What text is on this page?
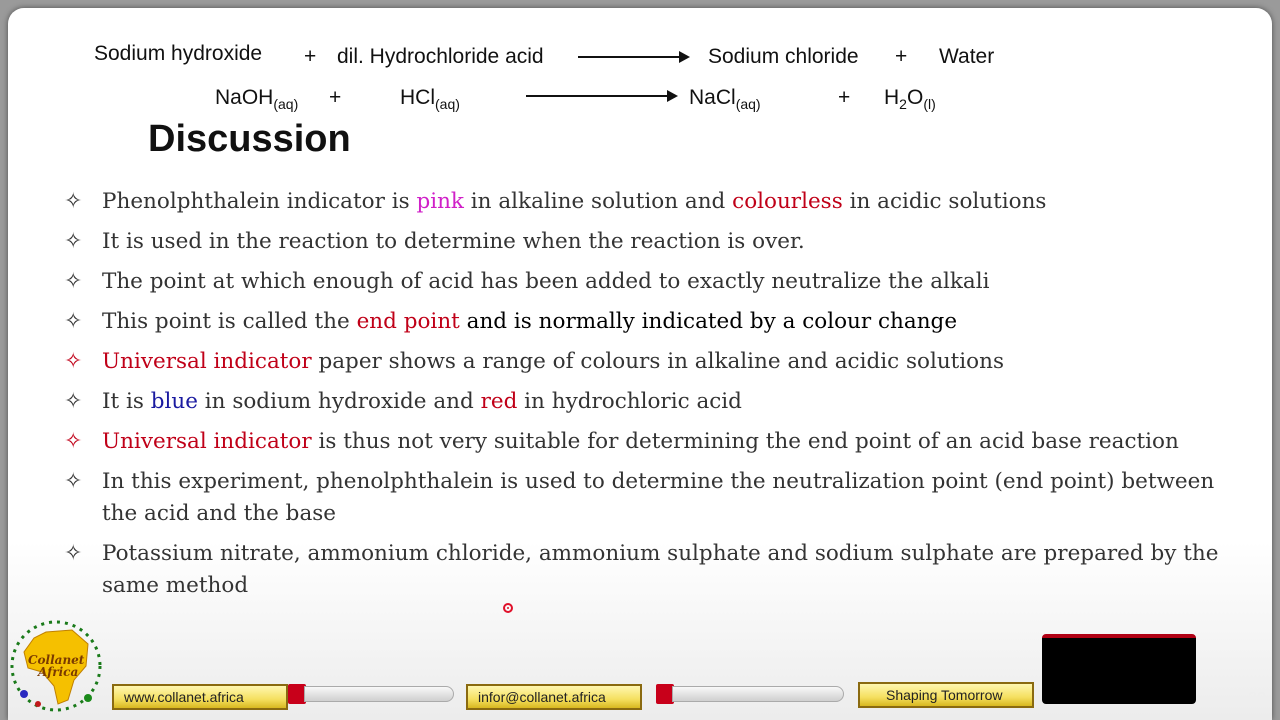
Sodium hydroxide + dil. Hydrochloride acid	Sodium chloride + Water
NaOH$_{(aq)}$ +	HCl$_{(aq)}$	NaCl$_{(aq)}$	+ $H_2O_{(l)}$
Discussion
✧ Phenolphthalein indicator is pink in alkaline solution and colourless in acidic solutions
✧ It is used in the reaction to determine when the reaction is over.
✧ The point at which enough of acid has been added to exactly neutralize the alkali
✧ This point is called the end point and is normally indicated by a colour change
✧ Universal indicator paper shows a range of colours in alkaline and acidic solutions
✧ It is blue in sodium hydroxide and red in hydrochloric acid
✧ Universal indicator is thus not very suitable for determining the end point of an acid base reaction
✧ In this experiment, phenolphthalein is used to determine the neutralization point (end point) between the acid and the base
✧ Potassium nitrate, ammonium chloride, ammonium sulphate and sodium sulphate are prepared by the same method
Collanet
Africa
www.collanet.africa	infor@collanet.africa	Shaping Tomorrow	29
